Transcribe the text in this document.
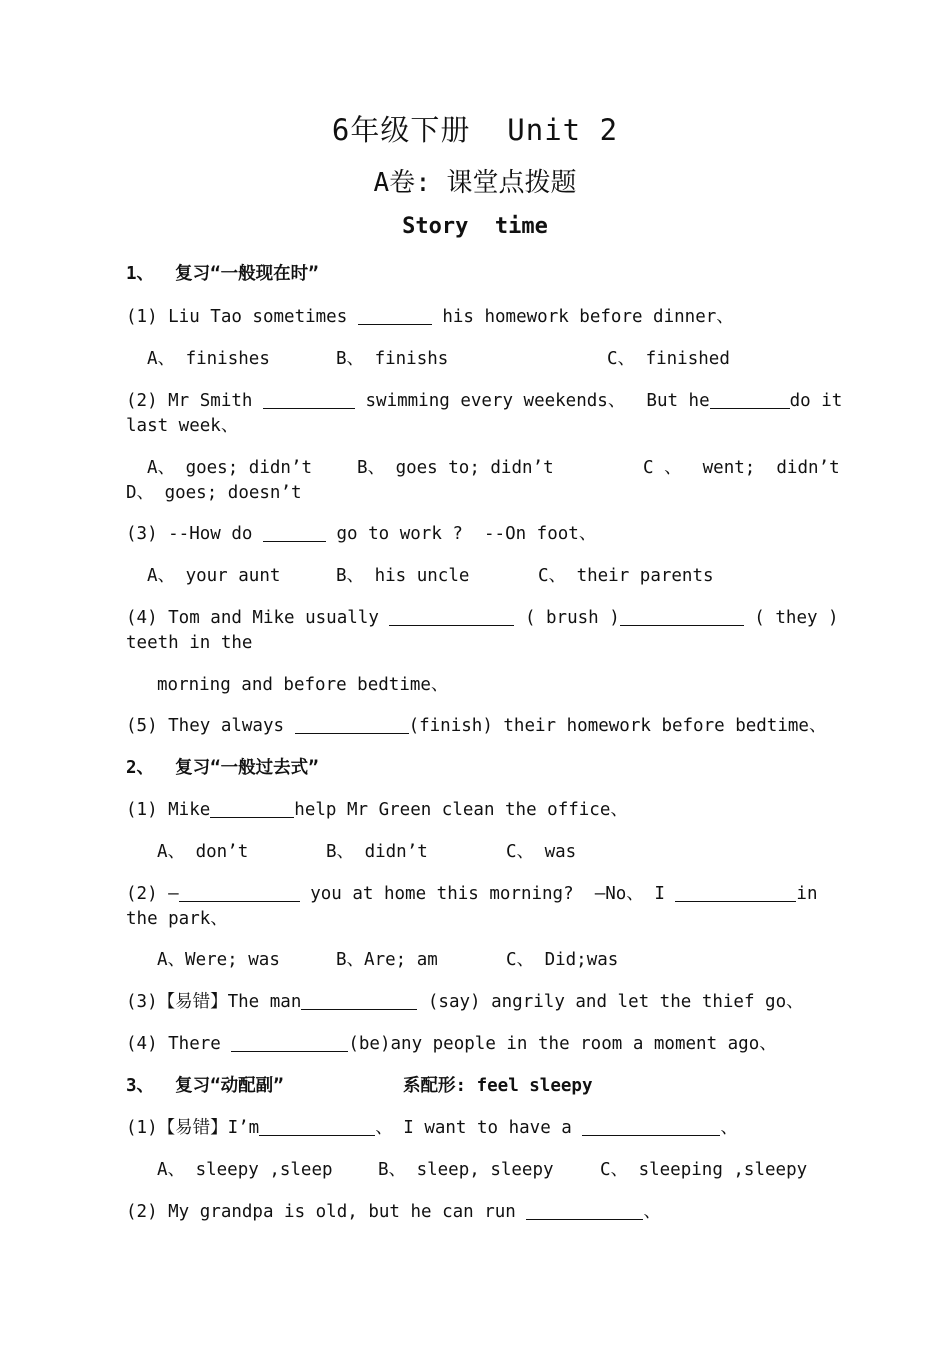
6年级下册  Unit 2
A卷: 课堂点拨题
Story  time
1、  复习“一般现在时”
(1) Liu Tao sometimes	his homework before dinner、
A、 finishes	B、 finishs	C、 finished
(2) Mr Smith	swimming every weekends、  But he	do it
last week、
A、 goes; didn’t	B、 goes to; didn’t	C 、  went;  didn’t
D、 goes; doesn’t
(3) --How do	go to work ?  --On foot、
A、 your aunt	B、 his uncle	C、 their parents
(4) Tom and Mike usually	( brush )	( they )
teeth in the
morning and before bedtime、
(5) They always	(finish) their homework before bedtime、
2、  复习“一般过去式”
(1) Mike	help Mr Green clean the office、
A、 don’t	B、 didn’t	C、 was
(2) —	you at home this morning?  —No、 I	in
the park、
A、Were; was	B、Are; am	C、 Did;was
(3)【易错】The man	(say) angrily and let the thief go、
(4) There	(be)any people in the room a moment ago、
3、  复习“动配副”	系配形: feel sleepy
(1)【易错】I’m	、 I want to have a	、
A、 sleepy ,sleep	B、 sleep, sleepy	C、 sleeping ,sleepy
(2) My grandpa is old, but he can run	、
